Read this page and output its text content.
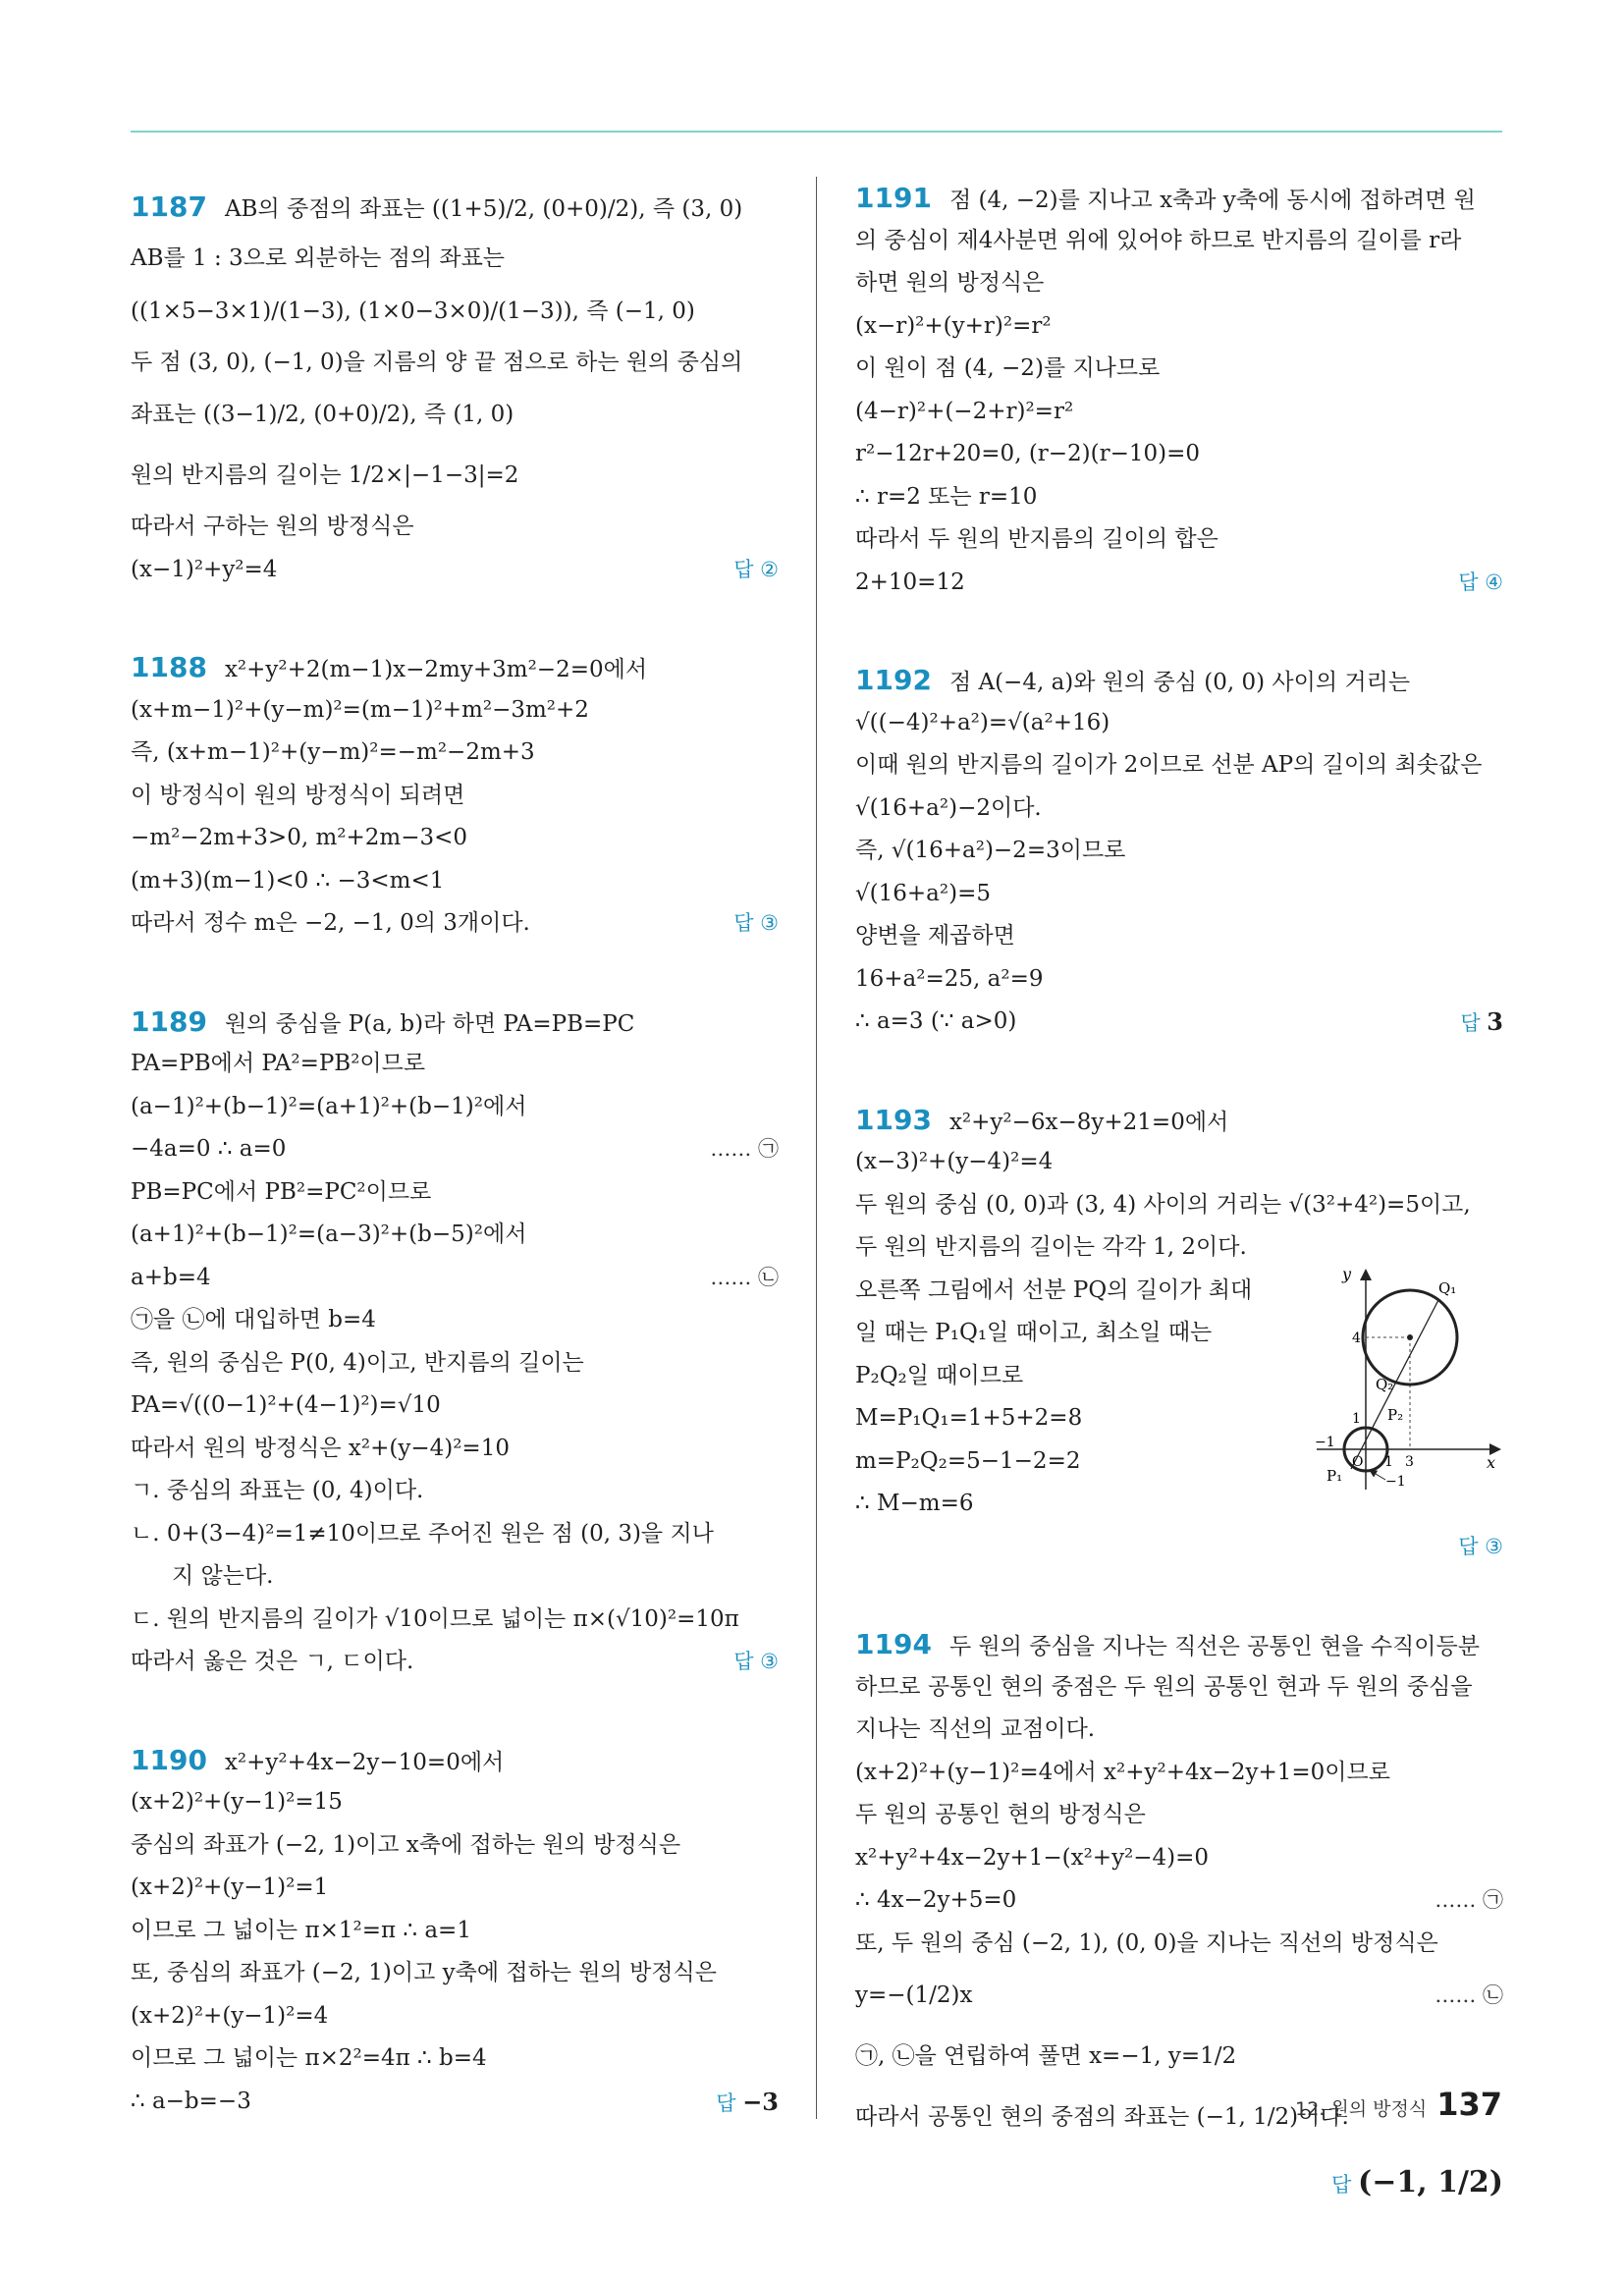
1187 AB의 중점의 좌표는 ((1+5)/2, (0+0)/2), 즉 (3, 0)
AB를 1 : 3으로 외분하는 점의 좌표는
((1×5−3×1)/(1−3), (1×0−3×0)/(1−3)), 즉 (−1, 0)
두 점 (3, 0), (−1, 0)을 지름의 양 끝 점으로 하는 원의 중심의
좌표는 ((3−1)/2, (0+0)/2), 즉 (1, 0)
원의 반지름의 길이는 1/2×|−1−3|=2
따라서 구하는 원의 방정식은
(x−1)²+y²=4	답 ②
1188 x²+y²+2(m−1)x−2my+3m²−2=0에서
(x+m−1)²+(y−m)²=(m−1)²+m²−3m²+2
즉, (x+m−1)²+(y−m)²=−m²−2m+3
이 방정식이 원의 방정식이 되려면
−m²−2m+3>0, m²+2m−3<0
(m+3)(m−1)<0 ∴ −3<m<1
따라서 정수 m은 −2, −1, 0의 3개이다.	답 ③
1189 원의 중심을 P(a, b)라 하면 PA=PB=PC
PA=PB에서 PA²=PB²이므로
(a−1)²+(b−1)²=(a+1)²+(b−1)²에서
−4a=0 ∴ a=0	…… ㉠
PB=PC에서 PB²=PC²이므로
(a+1)²+(b−1)²=(a−3)²+(b−5)²에서
a+b=4	…… ㉡
㉠을 ㉡에 대입하면 b=4
즉, 원의 중심은 P(0, 4)이고, 반지름의 길이는
PA=√((0−1)²+(4−1)²)=√10
따라서 원의 방정식은 x²+(y−4)²=10
ㄱ. 중심의 좌표는 (0, 4)이다.
ㄴ. 0+(3−4)²=1≠10이므로 주어진 원은 점 (0, 3)을 지나
지 않는다.
ㄷ. 원의 반지름의 길이가 √10이므로 넓이는 π×(√10)²=10π
따라서 옳은 것은 ㄱ, ㄷ이다.	답 ③
1190 x²+y²+4x−2y−10=0에서
(x+2)²+(y−1)²=15
중심의 좌표가 (−2, 1)이고 x축에 접하는 원의 방정식은
(x+2)²+(y−1)²=1
이므로 그 넓이는 π×1²=π ∴ a=1
또, 중심의 좌표가 (−2, 1)이고 y축에 접하는 원의 방정식은
(x+2)²+(y−1)²=4
이므로 그 넓이는 π×2²=4π ∴ b=4
∴ a−b=−3	답 −3
1191 점 (4, −2)를 지나고 x축과 y축에 동시에 접하려면 원
의 중심이 제4사분면 위에 있어야 하므로 반지름의 길이를 r라
하면 원의 방정식은
(x−r)²+(y+r)²=r²
이 원이 점 (4, −2)를 지나므로
(4−r)²+(−2+r)²=r²
r²−12r+20=0, (r−2)(r−10)=0
∴ r=2 또는 r=10
따라서 두 원의 반지름의 길이의 합은
2+10=12	답 ④
1192 점 A(−4, a)와 원의 중심 (0, 0) 사이의 거리는
√((−4)²+a²)=√(a²+16)
이때 원의 반지름의 길이가 2이므로 선분 AP의 길이의 최솟값은
√(16+a²)−2이다.
즉, √(16+a²)−2=3이므로
√(16+a²)=5
양변을 제곱하면
16+a²=25, a²=9
∴ a=3 (∵ a>0)	답 3
1193 x²+y²−6x−8y+21=0에서
(x−3)²+(y−4)²=4
두 원의 중심 (0, 0)과 (3, 4) 사이의 거리는 √(3²+4²)=5이고,
두 원의 반지름의 길이는 각각 1, 2이다.
오른쪽 그림에서 선분 PQ의 길이가 최대
일 때는 P₁Q₁일 때이고, 최소일 때는
P₂Q₂일 때이므로
M=P₁Q₁=1+5+2=8
m=P₂Q₂=5−1−2=2
∴ M−m=6
y
x
Q₁
Q₂
P₂
P₁
4
1
−1
O 1 3
−1
답 ③
1194 두 원의 중심을 지나는 직선은 공통인 현을 수직이등분
하므로 공통인 현의 중점은 두 원의 공통인 현과 두 원의 중심을
지나는 직선의 교점이다.
(x+2)²+(y−1)²=4에서 x²+y²+4x−2y+1=0이므로
두 원의 공통인 현의 방정식은
x²+y²+4x−2y+1−(x²+y²−4)=0
∴ 4x−2y+5=0	…… ㉠
또, 두 원의 중심 (−2, 1), (0, 0)을 지나는 직선의 방정식은
y=−(1/2)x	…… ㉡
㉠, ㉡을 연립하여 풀면 x=−1, y=1/2
따라서 공통인 현의 중점의 좌표는 (−1, 1/2)이다.
답 (−1, 1/2)
12. 원의 방정식 137
